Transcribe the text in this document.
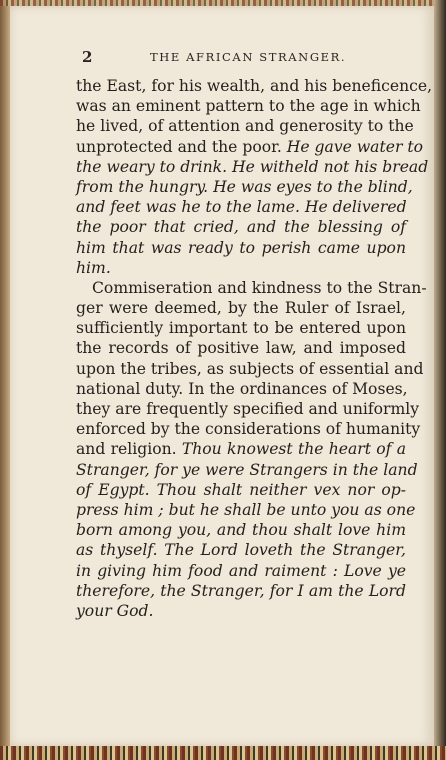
2	THE AFRICAN STRANGER.
the East, for his wealth, and his beneficence,
was an eminent pattern to the age in which
he lived, of attention and generosity to the
unprotected and the poor. He gave water to
the weary to drink. He witheld not his bread
from the hungry. He was eyes to the blind,
and feet was he to the lame. He delivered
the poor that cried, and the blessing of
him that was ready to perish came upon
him.
Commiseration and kindness to the Stran-
ger were deemed, by the Ruler of Israel,
sufficiently important to be entered upon
the records of positive law, and imposed
upon the tribes, as subjects of essential and
national duty. In the ordinances of Moses,
they are frequently specified and uniformly
enforced by the considerations of humanity
and religion. Thou knowest the heart of a
Stranger, for ye were Strangers in the land
of Egypt. Thou shalt neither vex nor op-
press him ; but he shall be unto you as one
born among you, and thou shalt love him
as thyself. The Lord loveth the Stranger,
in giving him food and raiment : Love ye
therefore, the Stranger, for I am the Lord
your God.
